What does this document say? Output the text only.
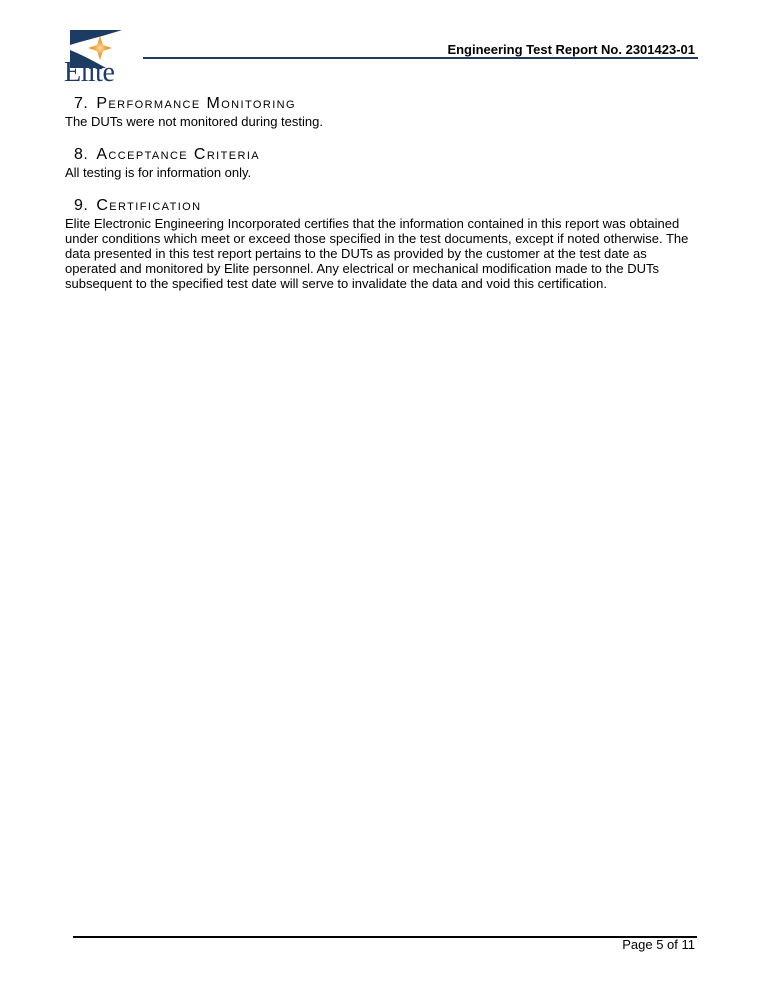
Elite
Engineering Test Report No. 2301423-01
7. Performance Monitoring
The DUTs were not monitored during testing.
8. Acceptance Criteria
All testing is for information only.
9. Certification
Elite Electronic Engineering Incorporated certifies that the information contained in this report was obtained
under conditions which meet or exceed those specified in the test documents, except if noted otherwise. The
data presented in this test report pertains to the DUTs as provided by the customer at the test date as
operated and monitored by Elite personnel. Any electrical or mechanical modification made to the DUTs
subsequent to the specified test date will serve to invalidate the data and void this certification.
Page 5 of 11
